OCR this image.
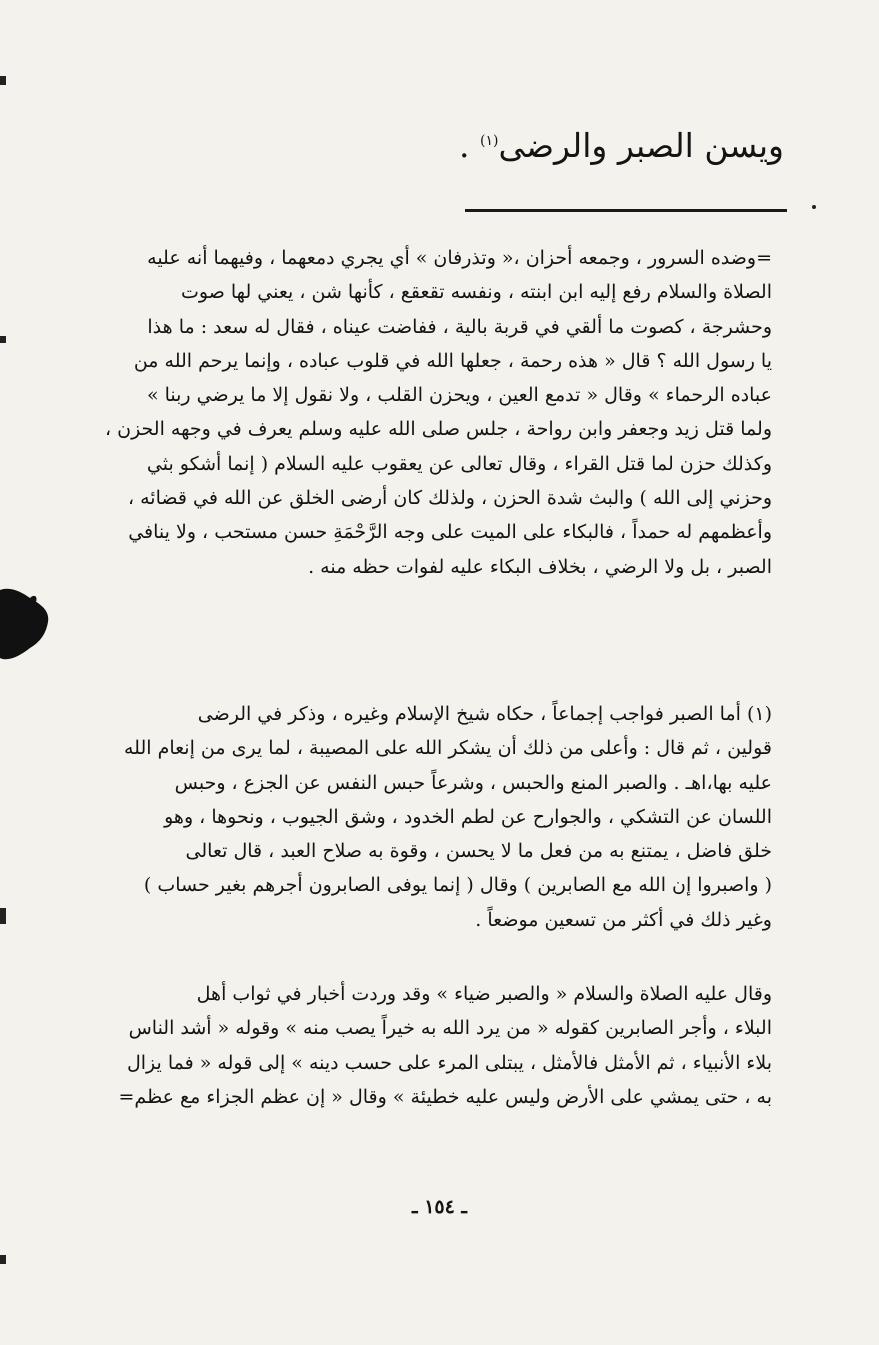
ويسن الصبر والرضى$^{(١)}$ .
=وضده السرور ، وجمعه أحزان ،« وتذرفان » أي يجري دمعهما ، وفيهما أنه عليه
الصلاة والسلام رفع إليه ابن ابنته ، ونفسه تقعقع ، كأنها شن ، يعني لها صوت
وحشرجة ، كصوت ما ألقي في قربة بالية ، ففاضت عيناه ، فقال له سعد : ما هذا
يا رسول الله ؟ قال « هذه رحمة ، جعلها الله في قلوب عباده ، وإنما يرحم الله من
عباده الرحماء » وقال « تدمع العين ، ويحزن القلب ، ولا نقول إلا ما يرضي ربنا »
ولما قتل زيد وجعفر وابن رواحة ، جلس صلى الله عليه وسلم يعرف في وجهه الحزن ،
وكذلك حزن لما قتل القراء ، وقال تعالى عن يعقوب عليه السلام ( إنما أشكو بثي
وحزني إلى الله ) والبث شدة الحزن ، ولذلك كان أرضى الخلق عن الله في قضائه ،
وأعظمهم له حمداً ، فالبكاء على الميت على وجه الرَّحْمَةِ حسن مستحب ، ولا ينافي
الصبر ، بل ولا الرضي ، بخلاف البكاء عليه لفوات حظه منه .
(١) أما الصبر فواجب إجماعاً ، حكاه شيخ الإسلام وغيره ، وذكر في الرضى
قولين ، ثم قال : وأعلى من ذلك أن يشكر الله على المصيبة ، لما يرى من إنعام الله
عليه بها،اهـ . والصبر المنع والحبس ، وشرعاً حبس النفس عن الجزع ، وحبس
اللسان عن التشكي ، والجوارح عن لطم الخدود ، وشق الجيوب ، ونحوها ، وهو
خلق فاضل ، يمتنع به من فعل ما لا يحسن ، وقوة به صلاح العبد ، قال تعالى
( واصبروا إن الله مع الصابرين ) وقال ( إنما يوفى الصابرون أجرهم بغير حساب )
وغير ذلك في أكثر من تسعين موضعاً .
وقال عليه الصلاة والسلام « والصبر ضياء » وقد وردت أخبار في ثواب أهل
البلاء ، وأجر الصابرين كقوله « من يرد الله به خيراً يصب منه » وقوله « أشد الناس
بلاء الأنبياء ، ثم الأمثل فالأمثل ، يبتلى المرء على حسب دينه » إلى قوله « فما يزال
به ، حتى يمشي على الأرض وليس عليه خطيئة » وقال « إن عظم الجزاء مع عظم=
ـ ١٥٤ ـ
